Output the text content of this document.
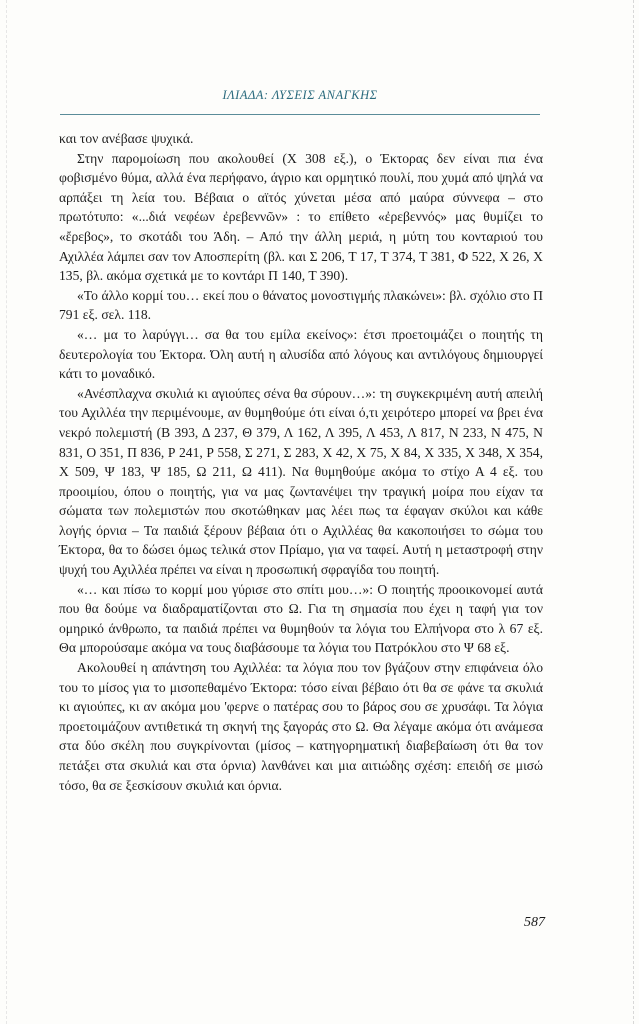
ΙΛΙΑΔΑ: ΛΥΣΕΙΣ ΑΝΑΓΚΗΣ

και τον ανέβασε ψυχικά.

Στην παρομοίωση που ακολουθεί (Χ 308 εξ.), ο Έκτορας δεν είναι πια ένα φοβισμένο θύμα, αλλά ένα περήφανο, άγριο και ορμητικό πουλί, που χυμά από ψηλά να αρπάξει τη λεία του. Βέβαια ο αϊτός χύνεται μέσα από μαύρα σύννεφα – στο πρωτότυπο: «...διά νεφέων ἐρεβεννῶν» : το επίθετο «ἐρεβεννός» μας θυμίζει το «ἔρεβος», το σκοτάδι του Άδη. – Από την άλλη μεριά, η μύτη του κονταριού του Αχιλλέα λάμπει σαν τον Αποσπερίτη (βλ. και Σ 206, Τ 17, Τ 374, Τ 381, Φ 522, Χ 26, Χ 135, βλ. ακόμα σχετικά με το κοντάρι Π 140, Τ 390).

«Το άλλο κορμί του… εκεί που ο θάνατος μονοστιγμής πλακώνει»: βλ. σχόλιο στο Π 791 εξ. σελ. 118.

«… μα το λαρύγγι… σα θα του εμίλα εκείνος»: έτσι προετοιμάζει ο ποιητής τη δευτερολογία του Έκτορα. Όλη αυτή η αλυσίδα από λόγους και αντιλόγους δημιουργεί κάτι το μοναδικό.

«Ανέσπλαχνα σκυλιά κι αγιούπες σένα θα σύρουν…»: τη συγκεκριμένη αυτή απειλή του Αχιλλέα την περιμένουμε, αν θυμηθούμε ότι είναι ό,τι χειρότερο μπορεί να βρει ένα νεκρό πολεμιστή (Β 393, Δ 237, Θ 379, Λ 162, Λ 395, Λ 453, Λ 817, Ν 233, Ν 475, Ν 831, Ο 351, Π 836, Ρ 241, Ρ 558, Σ 271, Σ 283, Χ 42, Χ 75, Χ 84, Χ 335, Χ 348, Χ 354, Χ 509, Ψ 183, Ψ 185, Ω 211, Ω 411). Να θυμηθούμε ακόμα το στίχο Α 4 εξ. του προοιμίου, όπου ο ποιητής, για να μας ζωντανέψει την τραγική μοίρα που είχαν τα σώματα των πολεμιστών που σκοτώθηκαν μας λέει πως τα έφαγαν σκύλοι και κάθε λογής όρνια – Τα παιδιά ξέρουν βέβαια ότι ο Αχιλλέας θα κακοποιήσει το σώμα του Έκτορα, θα το δώσει όμως τελικά στον Πρίαμο, για να ταφεί. Αυτή η μεταστροφή στην ψυχή του Αχιλλέα πρέπει να είναι η προσωπική σφραγίδα του ποιητή.

«… και πίσω το κορμί μου γύρισε στο σπίτι μου…»: Ο ποιητής προοικονομεί αυτά που θα δούμε να διαδραματίζονται στο Ω. Για τη σημασία που έχει η ταφή για τον ομηρικό άνθρωπο, τα παιδιά πρέπει να θυμηθούν τα λόγια του Ελπήνορα στο λ 67 εξ. Θα μπορούσαμε ακόμα να τους διαβάσουμε τα λόγια του Πατρόκλου στο Ψ 68 εξ.

Ακολουθεί η απάντηση του Αχιλλέα: τα λόγια που τον βγάζουν στην επιφάνεια όλο του το μίσος για το μισοπεθαμένο Έκτορα: τόσο είναι βέβαιο ότι θα σε φάνε τα σκυλιά κι αγιούπες, κι αν ακόμα μου 'φερνε ο πατέρας σου το βάρος σου σε χρυσάφι. Τα λόγια προετοιμάζουν αντιθετικά τη σκηνή της ξαγοράς στο Ω. Θα λέγαμε ακόμα ότι ανάμεσα στα δύο σκέλη που συγκρίνονται (μίσος – κατηγορηματική διαβεβαίωση ότι θα τον πετάξει στα σκυλιά και στα όρνια) λανθάνει και μια αιτιώδης σχέση: επειδή σε μισώ τόσο, θα σε ξεσκίσουν σκυλιά και όρνια.

587
